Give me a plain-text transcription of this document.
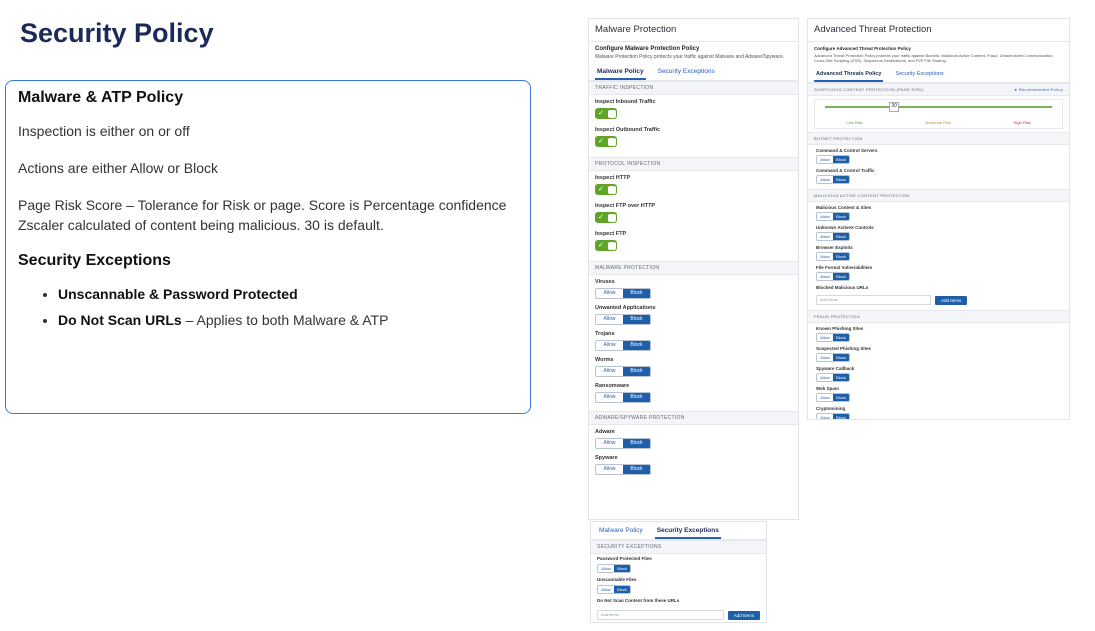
Security Policy
Malware & ATP Policy

Inspection is either on or off

Actions are either Allow or Block

Page Risk Score – Tolerance for Risk or page. Score is Percentage confidence Zscaler calculated of content being malicious. 30 is default.

Security Exceptions
• Unscannable & Password Protected
• Do Not Scan URLs – Applies to both Malware & ATP
Malware Protection
Configure Malware Protection Policy
Malware Protection Policy protects your traffic against Malware and Adware/Spyware.
Malware Policy	Security Exceptions
TRAFFIC INSPECTION
Inspect Inbound Traffic
✓
Inspect Outbound Traffic
✓
PROTOCOL INSPECTION
Inspect HTTP
✓
Inspect FTP over HTTP
✓
Inspect FTP
✓
MALWARE PROTECTION
Viruses
Allow	Block
Unwanted Applications
Allow	Block
Trojans
Allow	Block
Worms
Allow	Block
Ransomware
Allow	Block
ADWARE/SPYWARE PROTECTION
Adware
Allow	Block
Spyware
Allow	Block
Malware Policy	Security Exceptions
SECURITY EXCEPTIONS
Password Protected Files
Allow	Block
Unscannable Files
Allow	Block
Do Not Scan Content from these URLs
Add items	Add Items
Advanced Threat Protection
Configure Advanced Threat Protection Policy
Advanced Threat Protection Policy protects your traffic against Botnets, Malicious Active Content, Fraud, Unauthorized Communication, Cross-Site Scripting (XSS), Suspicious Destinations, and P2P File Sharing.
Advanced Threats Policy	Security Exceptions
SUSPICIOUS CONTENT PROTECTION (PAGE RISK)	● Recommended Policy
30
Low Risk	Moderate Risk	High Risk
BOTNET PROTECTION
Command & Control Servers
Allow	Block
Command & Control Traffic
Allow	Block
MALICIOUS ACTIVE CONTENT PROTECTION
Malicious Content & Sites
Allow	Block
Unknown ActiveX Controls
Allow	Block
Browser Exploits
Allow	Block
File Format Vulnerabilities
Allow	Block
Blocked Malicious URLs
Add items	Add Items
FRAUD PROTECTION
Known Phishing Sites
Allow	Block
Suspected Phishing Sites
Allow	Block
Spyware Callback
Allow	Block
Web Spam
Allow	Block
Cryptomining
Allow	Block
